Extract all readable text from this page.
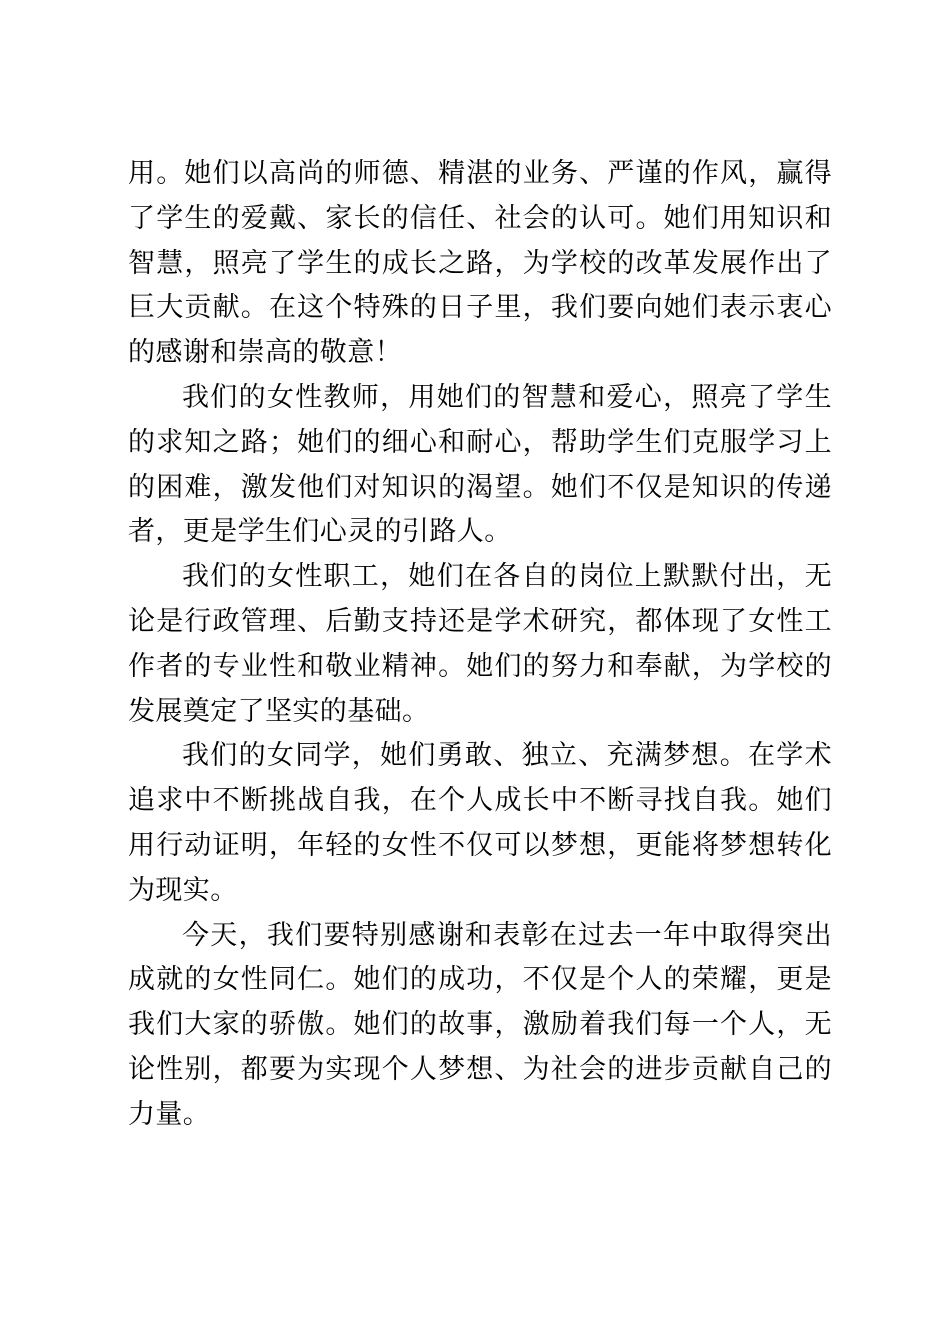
用。她们以高尚的师德、精湛的业务、严谨的作风，赢得了学生的爱戴、家长的信任、社会的认可。她们用知识和智慧，照亮了学生的成长之路，为学校的改革发展作出了巨大贡献。在这个特殊的日子里，我们要向她们表示衷心的感谢和崇高的敬意！

我们的女性教师，用她们的智慧和爱心，照亮了学生的求知之路；她们的细心和耐心，帮助学生们克服学习上的困难，激发他们对知识的渴望。她们不仅是知识的传递者，更是学生们心灵的引路人。

我们的女性职工，她们在各自的岗位上默默付出，无论是行政管理、后勤支持还是学术研究，都体现了女性工作者的专业性和敬业精神。她们的努力和奉献，为学校的发展奠定了坚实的基础。

我们的女同学，她们勇敢、独立、充满梦想。在学术追求中不断挑战自我，在个人成长中不断寻找自我。她们用行动证明，年轻的女性不仅可以梦想，更能将梦想转化为现实。

今天，我们要特别感谢和表彰在过去一年中取得突出成就的女性同仁。她们的成功，不仅是个人的荣耀，更是我们大家的骄傲。她们的故事，激励着我们每一个人，无论性别，都要为实现个人梦想、为社会的进步贡献自己的力量。
